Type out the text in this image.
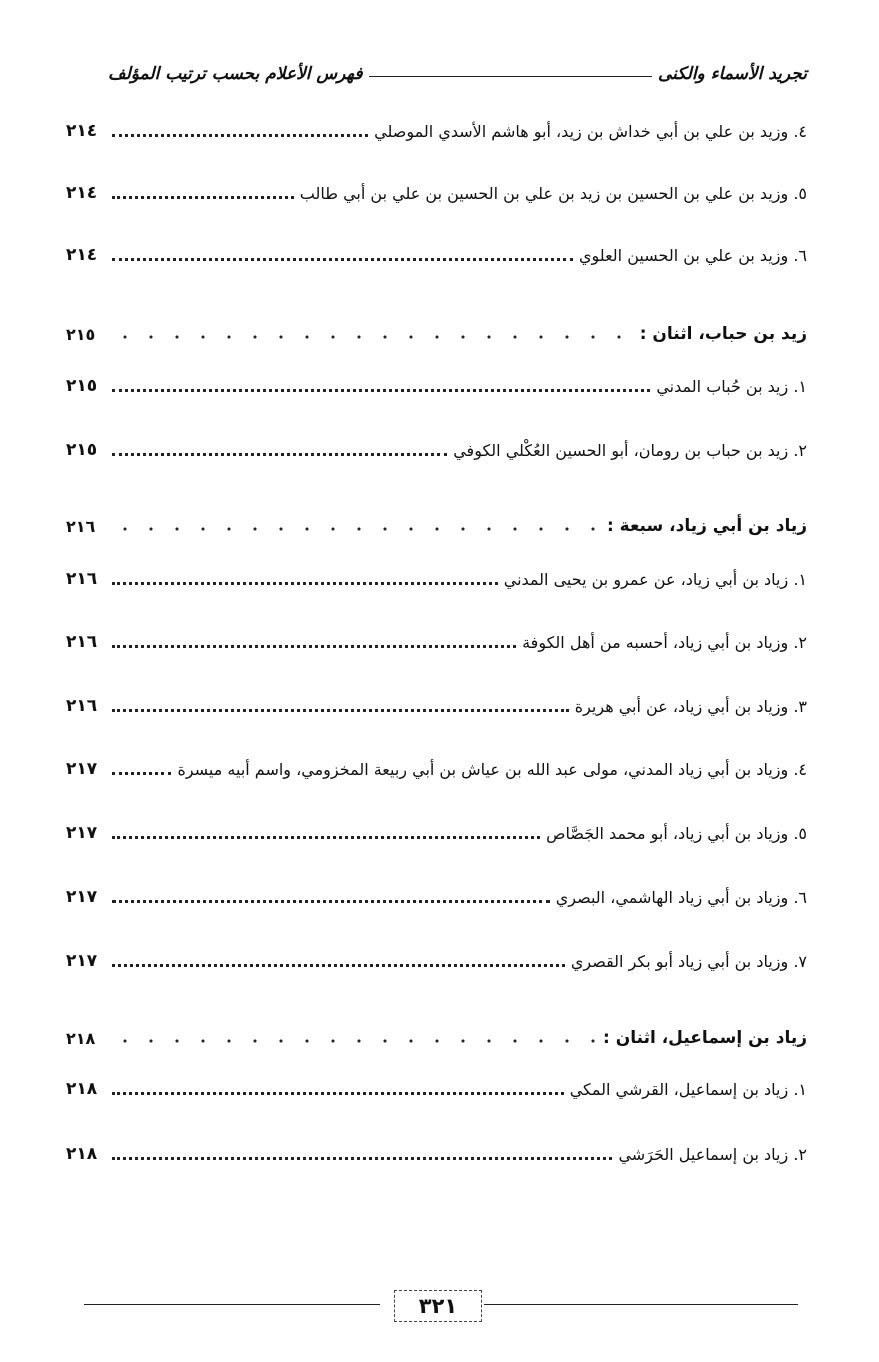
تجريد الأسماء والكنى
فهرس الأعلام بحسب ترتيب المؤلف
٤. وزيد بن علي بن أبي خداش بن زيد، أبو هاشم الأسدي الموصلي
٢١٤
٥. وزيد بن علي بن الحسين بن زيد بن علي بن الحسين بن علي بن أبي طالب
٢١٤
٦. وزيد بن علي بن الحسين العلوي
٢١٤
زيد بن حباب، اثنان :
٢١٥
١. زيد بن حُباب المدني
٢١٥
٢. زيد بن حباب بن رومان، أبو الحسين العُكْلي الكوفي
٢١٥
زياد بن أبي زياد، سبعة :
٢١٦
١. زياد بن أبي زياد، عن عمرو بن يحيى المدني
٢١٦
٢. وزياد بن أبي زياد، أحسبه من أهل الكوفة
٢١٦
٣. وزياد بن أبي زياد، عن أبي هريرة
٢١٦
٤. وزياد بن أبي زياد المدني، مولى عبد الله بن عياش بن أبي ربيعة المخزومي، واسم أبيه ميسرة
٢١٧
٥. وزياد بن أبي زياد، أبو محمد الجَصَّاص
٢١٧
٦. وزياد بن أبي زياد الهاشمي، البصري
٢١٧
٧. وزياد بن أبي زياد أبو بكر القصري
٢١٧
زياد بن إسماعيل، اثنان :
٢١٨
١. زياد بن إسماعيل، القرشي المكي
٢١٨
٢. زياد بن إسماعيل الحَرَشي
٢١٨
٣٢١
